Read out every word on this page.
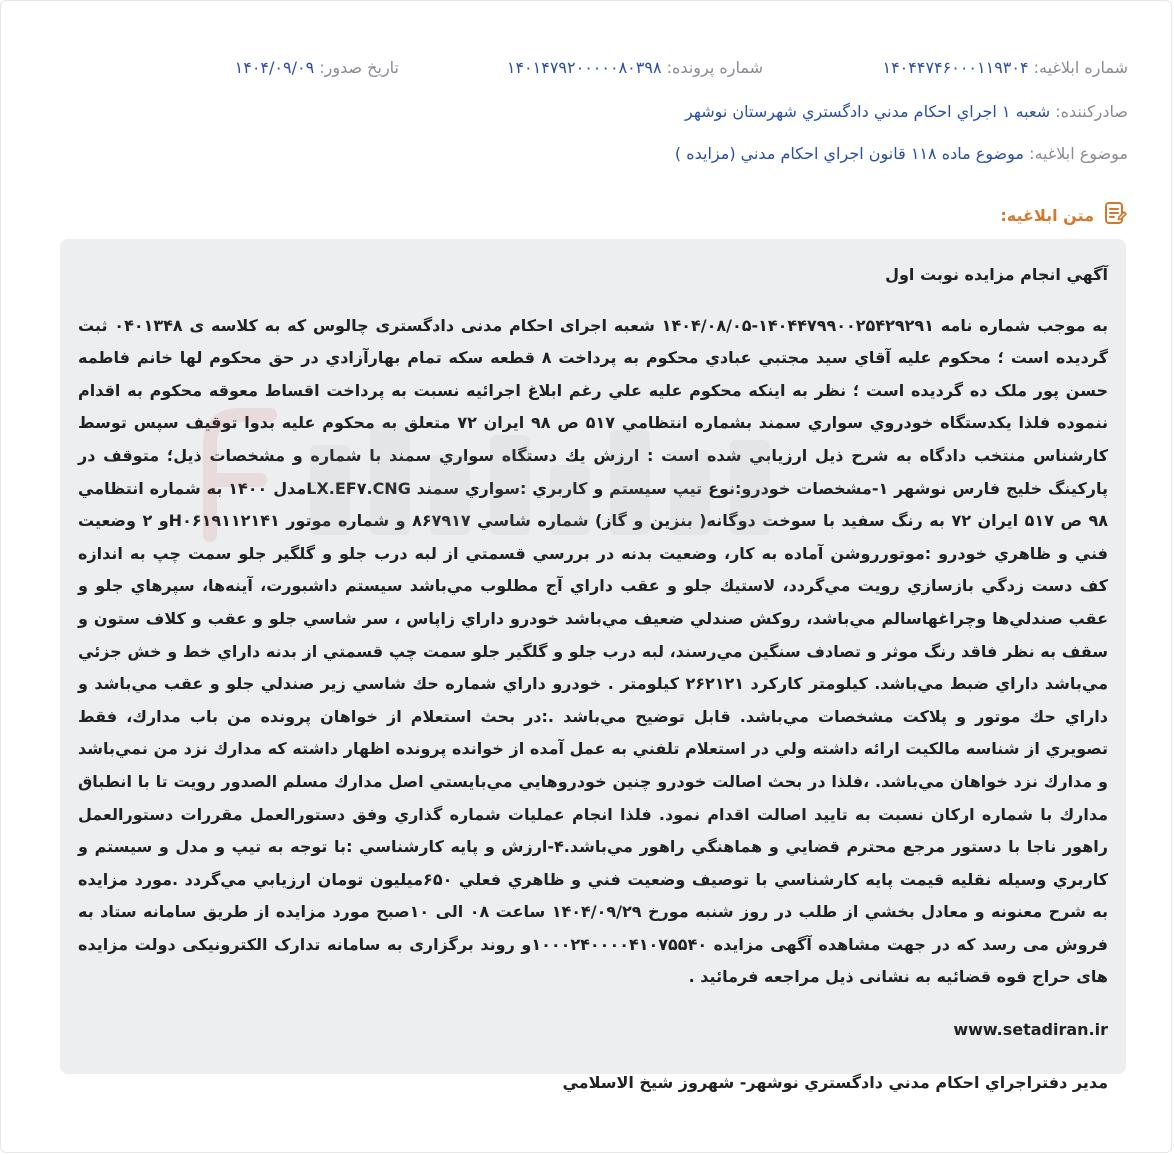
شماره ابلاغيه: ۱۴۰۴۴۷۴۶۰۰۰۱۱۹۳۰۴
شماره پرونده: ۱۴۰۱۴۷۹۲۰۰۰۰۰۸۰۳۹۸
تاريخ صدور: ۱۴۰۴/۰۹/۰۹
صادرکننده: شعبه ۱ اجراي احکام مدني دادگستري شهرستان نوشهر
موضوع ابلاغيه: موضوع ماده ۱۱۸ قانون اجراي احکام مدني (مزايده )
متن ابلاغيه:

آگهي انجام مزايده نوبت اول

به موجب شماره نامه ۱۴۰۴۴۷۹۹۰۰۲۵۴۲۹۲۹۱-۱۴۰۴/۰۸/۰۵ شعبه اجرای احکام مدنی دادگستری چالوس که به کلاسه ی ۰۴۰۱۳۴۸ ثبت گرديده است ؛ محکوم عليه آقاي سيد مجتبي عبادي محکوم به پرداخت ۸ قطعه سکه تمام بهارآزادي در حق محکوم لها خانم فاطمه حسن پور ملک ده گرديده است ؛ نظر به اينکه محکوم عليه علي رغم ابلاغ اجرائيه نسبت به پرداخت اقساط معوقه محکوم به اقدام ننموده فلذا يکدستگاه خودروي سواري سمند بشماره انتظامي ۵۱۷ ص ۹۸ ايران ۷۲ متعلق به محکوم عليه بدوا توقيف سپس توسط کارشناس منتخب دادگاه به شرح ذيل ارزيابي شده است : ارزش يك دستگاه سواري سمند با شماره و مشخصات ذيل؛ متوقف در پارکينگ خليج فارس نوشهر ۱-مشخصات خودرو:نوع تيپ سيستم و کاربري :سواري سمند LX.EF۷.CNGمدل ۱۴۰۰ به شماره انتظامي ۹۸ ص ۵۱۷ ايران ۷۲ به رنگ سفيد با سوخت دوگانه( بنزين و گاز) شماره شاسي ۸۶۷۹۱۷ و شماره موتور H۰۶۱۹۱۱۲۱۴۱و ۲ وضعيت فني و ظاهري خودرو :موتورروشن آماده به کار، وضعيت بدنه در بررسي قسمتي از لبه درب جلو و گلگير جلو سمت چپ به اندازه کف دست زدگي بازسازي رويت مي‌گردد، لاستيك جلو و عقب داراي آج مطلوب مي‌باشد سيستم داشبورت، آينه‌ها، سپرهاي جلو و عقب صندلي‌ها وچراغهاسالم مي‌باشد، روکش صندلي ضعيف مي‌باشد خودرو داراي زاپاس ، سر شاسي جلو و عقب و کلاف ستون و سقف به نظر فاقد رنگ موثر و تصادف سنگين مي‌رسند، لبه درب جلو و گلگير جلو سمت چپ قسمتي از بدنه داراي خط و خش جزئي مي‌باشد داراي ضبط مي‌باشد. کيلومتر کارکرد ۲۶۲۱۲۱ کيلومتر . خودرو داراي شماره حك شاسي زير صندلي جلو و عقب مي‌باشد و داراي حك موتور و پلاكت مشخصات مي‌باشد. قابل توضيح مي‌باشد .:در بحث استعلام از خواهان پرونده من باب مدارك، فقط تصويري از شناسه مالكيت ارائه داشته ولي در استعلام تلفني به عمل آمده از خوانده پرونده اظهار داشته كه مدارك نزد من نمي‌باشد و مدارك نزد خواهان مي‌باشد. ،فلذا در بحث اصالت خودرو چنين خودروهايي مي‌بايستي اصل مدارك مسلم الصدور رويت تا با انطباق مدارك با شماره اركان نسبت به تاييد اصالت اقدام نمود. فلذا انجام عمليات شماره گذاري وفق دستورالعمل مقررات دستورالعمل راهور ناجا با دستور مرجع محترم قضايي و هماهنگي راهور مي‌باشد.۴-ارزش و پايه کارشناسي :با توجه به تيپ و مدل و سيستم و کاربري وسيله نقليه قيمت پايه کارشناسي با توصيف وضعيت فني و ظاهري فعلي ۶۵۰ميليون تومان ارزيابي مي‌گردد .مورد مزايده به شرح معنونه و معادل بخشي از طلب در روز شنبه مورخ ۱۴۰۴/۰۹/۲۹ ساعت ۰۸ الی ۱۰صبح مورد مزايده از طريق سامانه ستاد به فروش می رسد که در جهت مشاهده آگهی مزايده ۱۰۰۰۲۴۰۰۰۰۴۱۰۷۵۵۴۰و روند برگزاری به سامانه تدارک الکترونيکی دولت مزايده های حراج قوه قضائيه به نشانی ذيل مراجعه فرمائيد .

www.setadiran.ir

مدير دفتراجراي احکام مدني دادگستري نوشهر- شهروز شيخ الاسلامي
